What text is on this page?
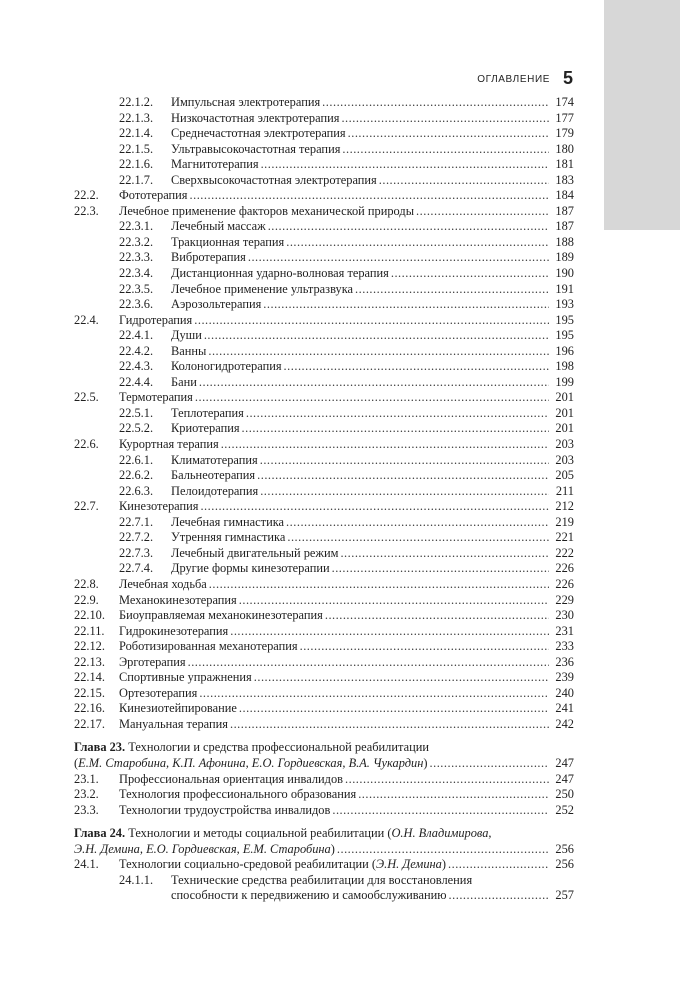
ОГЛАВЛЕНИЕ 5
22.1.2. Импульсная электротерапия .....	174
22.1.3. Низкочастотная электротерапия .....	177
22.1.4. Среднечастотная электротерапия .....	179
22.1.5. Ультравысокочастотная терапия .....	180
22.1.6. Магнитотерапия .....	181
22.1.7. Сверхвысокочастотная электротерапия .....	183
22.2. Фототерапия .....	184
22.3. Лечебное применение факторов механической природы .....	187
22.3.1. Лечебный массаж .....	187
22.3.2. Тракционная терапия .....	188
22.3.3. Вибротерапия .....	189
22.3.4. Дистанционная ударно-волновая терапия .....	190
22.3.5. Лечебное применение ультразвука .....	191
22.3.6. Аэрозольтерапия .....	193
22.4. Гидротерапия .....	195
22.4.1. Души .....	195
22.4.2. Ванны .....	196
22.4.3. Колоногидротерапия .....	198
22.4.4. Бани .....	199
22.5. Термотерапия .....	201
22.5.1. Теплотерапия .....	201
22.5.2. Криотерапия .....	201
22.6. Курортная терапия .....	203
22.6.1. Климатотерапия .....	203
22.6.2. Бальнеотерапия .....	205
22.6.3. Пелоидотерапия .....	211
22.7. Кинезотерапия .....	212
22.7.1. Лечебная гимнастика .....	219
22.7.2. Утренняя гимнастика .....	221
22.7.3. Лечебный двигательный режим .....	222
22.7.4. Другие формы кинезотерапии .....	226
22.8. Лечебная ходьба .....	226
22.9. Механокинезотерапия .....	229
22.10. Биоуправляемая механокинезотерапия .....	230
22.11. Гидрокинезотерапия .....	231
22.12. Роботизированная механотерапия .....	233
22.13. Эрготерапия .....	236
22.14. Спортивные упражнения .....	239
22.15. Ортезотерапия .....	240
22.16. Кинезиотейпирование .....	241
22.17. Мануальная терапия .....	242
Глава 23. Технологии и средства профессиональной реабилитации
(Е.М. Старобина, К.П. Афонина, Е.О. Гордиевская, В.А. Чукардин) .....	247
23.1. Профессиональная ориентация инвалидов .....	247
23.2. Технология профессионального образования .....	250
23.3. Технологии трудоустройства инвалидов .....	252
Глава 24. Технологии и методы социальной реабилитации (О.Н. Владимирова,
Э.Н. Демина, Е.О. Гордиевская, Е.М. Старобина) .....	256
24.1. Технологии социально-средовой реабилитации (Э.Н. Демина) .....	256
24.1.1. Технические средства реабилитации для восстановления
способности к передвижению и самообслуживанию .....	257
